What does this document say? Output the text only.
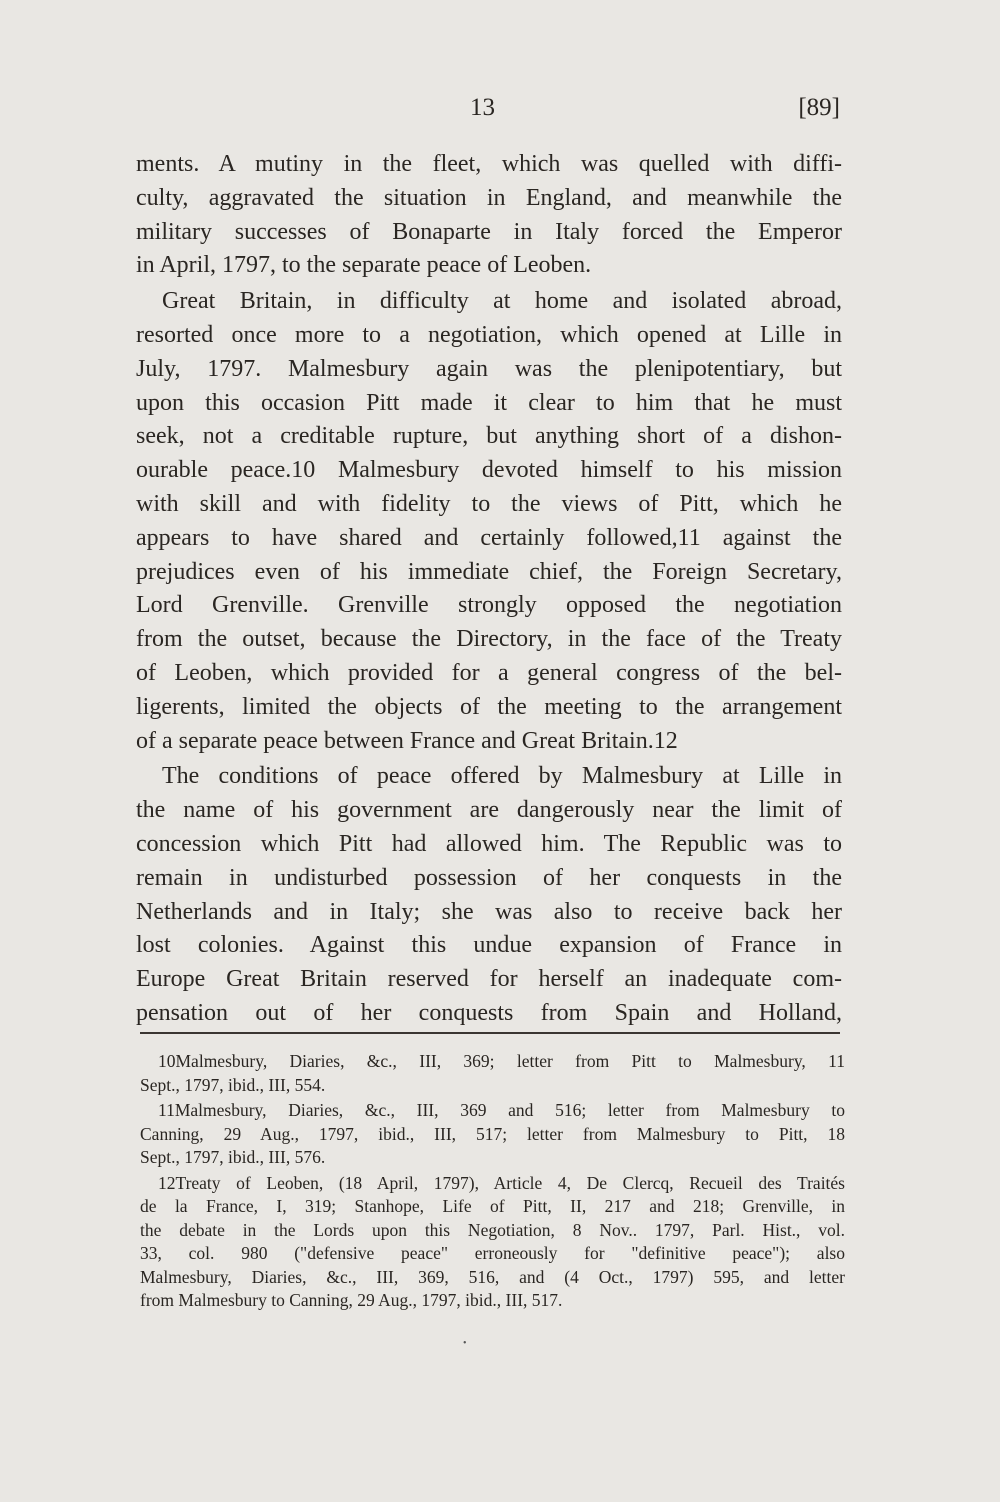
13	[89]
ments. A mutiny in the fleet, which was quelled with diffi-
culty, aggravated the situation in England, and meanwhile the
military successes of Bonaparte in Italy forced the Emperor
in April, 1797, to the separate peace of Leoben.
Great Britain, in difficulty at home and isolated abroad,
resorted once more to a negotiation, which opened at Lille in
July, 1797. Malmesbury again was the plenipotentiary, but
upon this occasion Pitt made it clear to him that he must
seek, not a creditable rupture, but anything short of a dishon-
ourable peace.10 Malmesbury devoted himself to his mission
with skill and with fidelity to the views of Pitt, which he
appears to have shared and certainly followed,11 against the
prejudices even of his immediate chief, the Foreign Secretary,
Lord Grenville. Grenville strongly opposed the negotiation
from the outset, because the Directory, in the face of the Treaty
of Leoben, which provided for a general congress of the bel-
ligerents, limited the objects of the meeting to the arrangement
of a separate peace between France and Great Britain.12
The conditions of peace offered by Malmesbury at Lille in
the name of his government are dangerously near the limit of
concession which Pitt had allowed him. The Republic was to
remain in undisturbed possession of her conquests in the
Netherlands and in Italy; she was also to receive back her
lost colonies. Against this undue expansion of France in
Europe Great Britain reserved for herself an inadequate com-
pensation out of her conquests from Spain and Holland,
10Malmesbury, Diaries, &c., III, 369; letter from Pitt to Malmesbury, 11
Sept., 1797, ibid., III, 554.
11Malmesbury, Diaries, &c., III, 369 and 516; letter from Malmesbury to
Canning, 29 Aug., 1797, ibid., III, 517; letter from Malmesbury to Pitt, 18
Sept., 1797, ibid., III, 576.
12Treaty of Leoben, (18 April, 1797), Article 4, De Clercq, Recueil des Traités
de la France, I, 319; Stanhope, Life of Pitt, II, 217 and 218; Grenville, in
the debate in the Lords upon this Negotiation, 8 Nov.. 1797, Parl. Hist., vol.
33, col. 980 ("defensive peace" erroneously for "definitive peace"); also
Malmesbury, Diaries, &c., III, 369, 516, and (4 Oct., 1797) 595, and letter
from Malmesbury to Canning, 29 Aug., 1797, ibid., III, 517.
•
